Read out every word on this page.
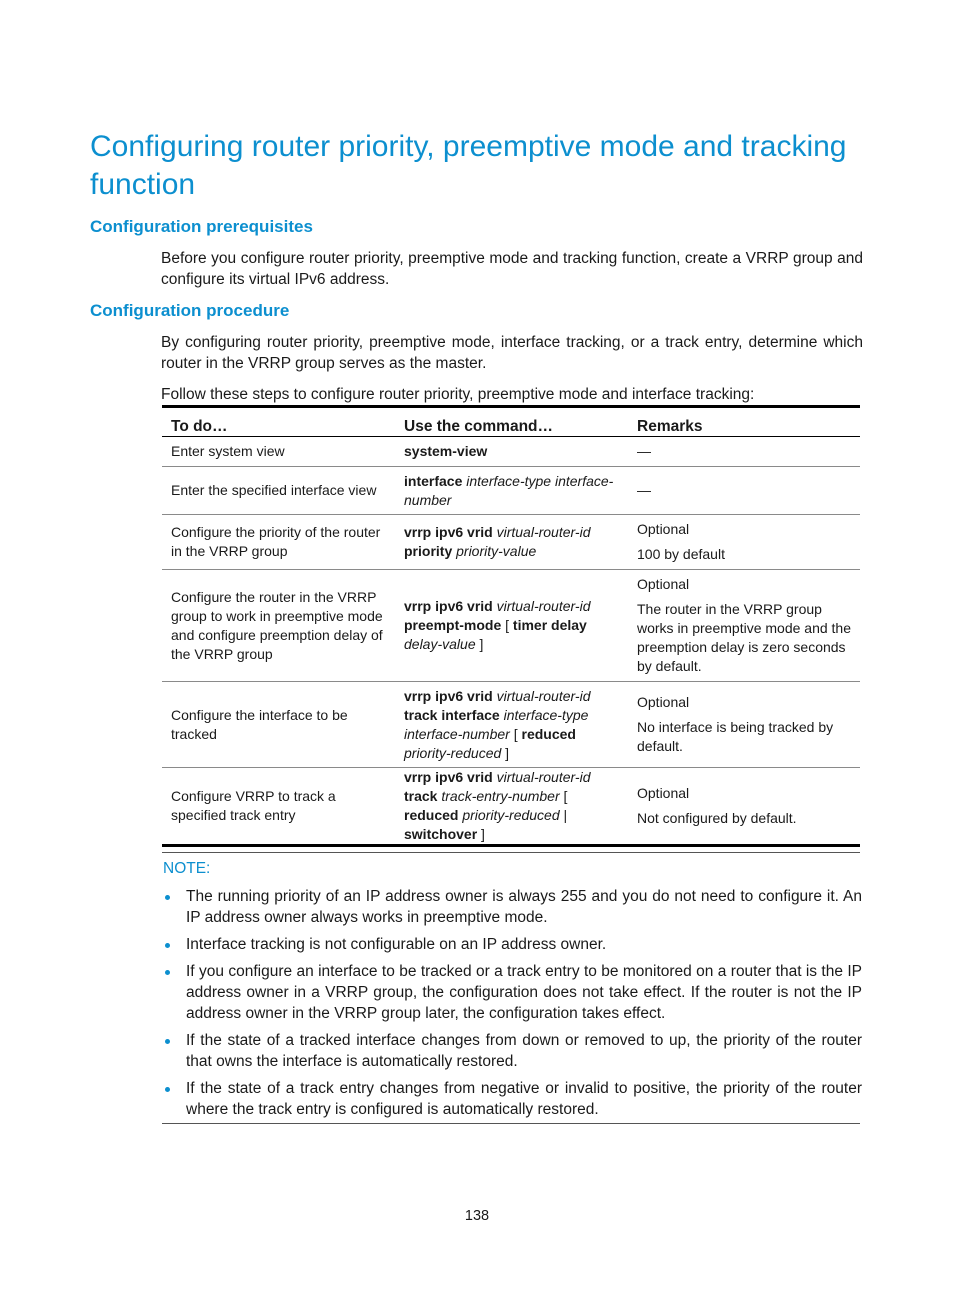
Configuring router priority, preemptive mode and tracking function
Configuration prerequisites

Before you configure router priority, preemptive mode and tracking function, create a VRRP group and configure its virtual IPv6 address.

Configuration procedure

By configuring router priority, preemptive mode, interface tracking, or a track entry, determine which router in the VRRP group serves as the master.

Follow these steps to configure router priority, preemptive mode and interface tracking:

To do…	Use the command…	Remarks
Enter system view	system-view	—

Enter the specified interface view	interface interface-type interface-number	—

Configure the priority of the router in the VRRP group	vrrp ipv6 vrid virtual-router-id priority priority-value	Optional
100 by default

Configure the router in the VRRP group to work in preemptive mode and configure preemption delay of the VRRP group	vrrp ipv6 vrid virtual-router-id preempt-mode [ timer delay delay-value ]	Optional
The router in the VRRP group works in preemptive mode and the preemption delay is zero seconds by default.

Configure the interface to be tracked	vrrp ipv6 vrid virtual-router-id track interface interface-type interface-number [ reduced priority-reduced ]	Optional
No interface is being tracked by default.

Configure VRRP to track a specified track entry	vrrp ipv6 vrid virtual-router-id track track-entry-number [ reduced priority-reduced | switchover ]	Optional
Not configured by default.
NOTE:
The running priority of an IP address owner is always 255 and you do not need to configure it. An IP address owner always works in preemptive mode.
Interface tracking is not configurable on an IP address owner.
If you configure an interface to be tracked or a track entry to be monitored on a router that is the IP address owner in a VRRP group, the configuration does not take effect. If the router is not the IP address owner in the VRRP group later, the configuration takes effect.
If the state of a tracked interface changes from down or removed to up, the priority of the router that owns the interface is automatically restored.
If the state of a track entry changes from negative or invalid to positive, the priority of the router where the track entry is configured is automatically restored.
138
